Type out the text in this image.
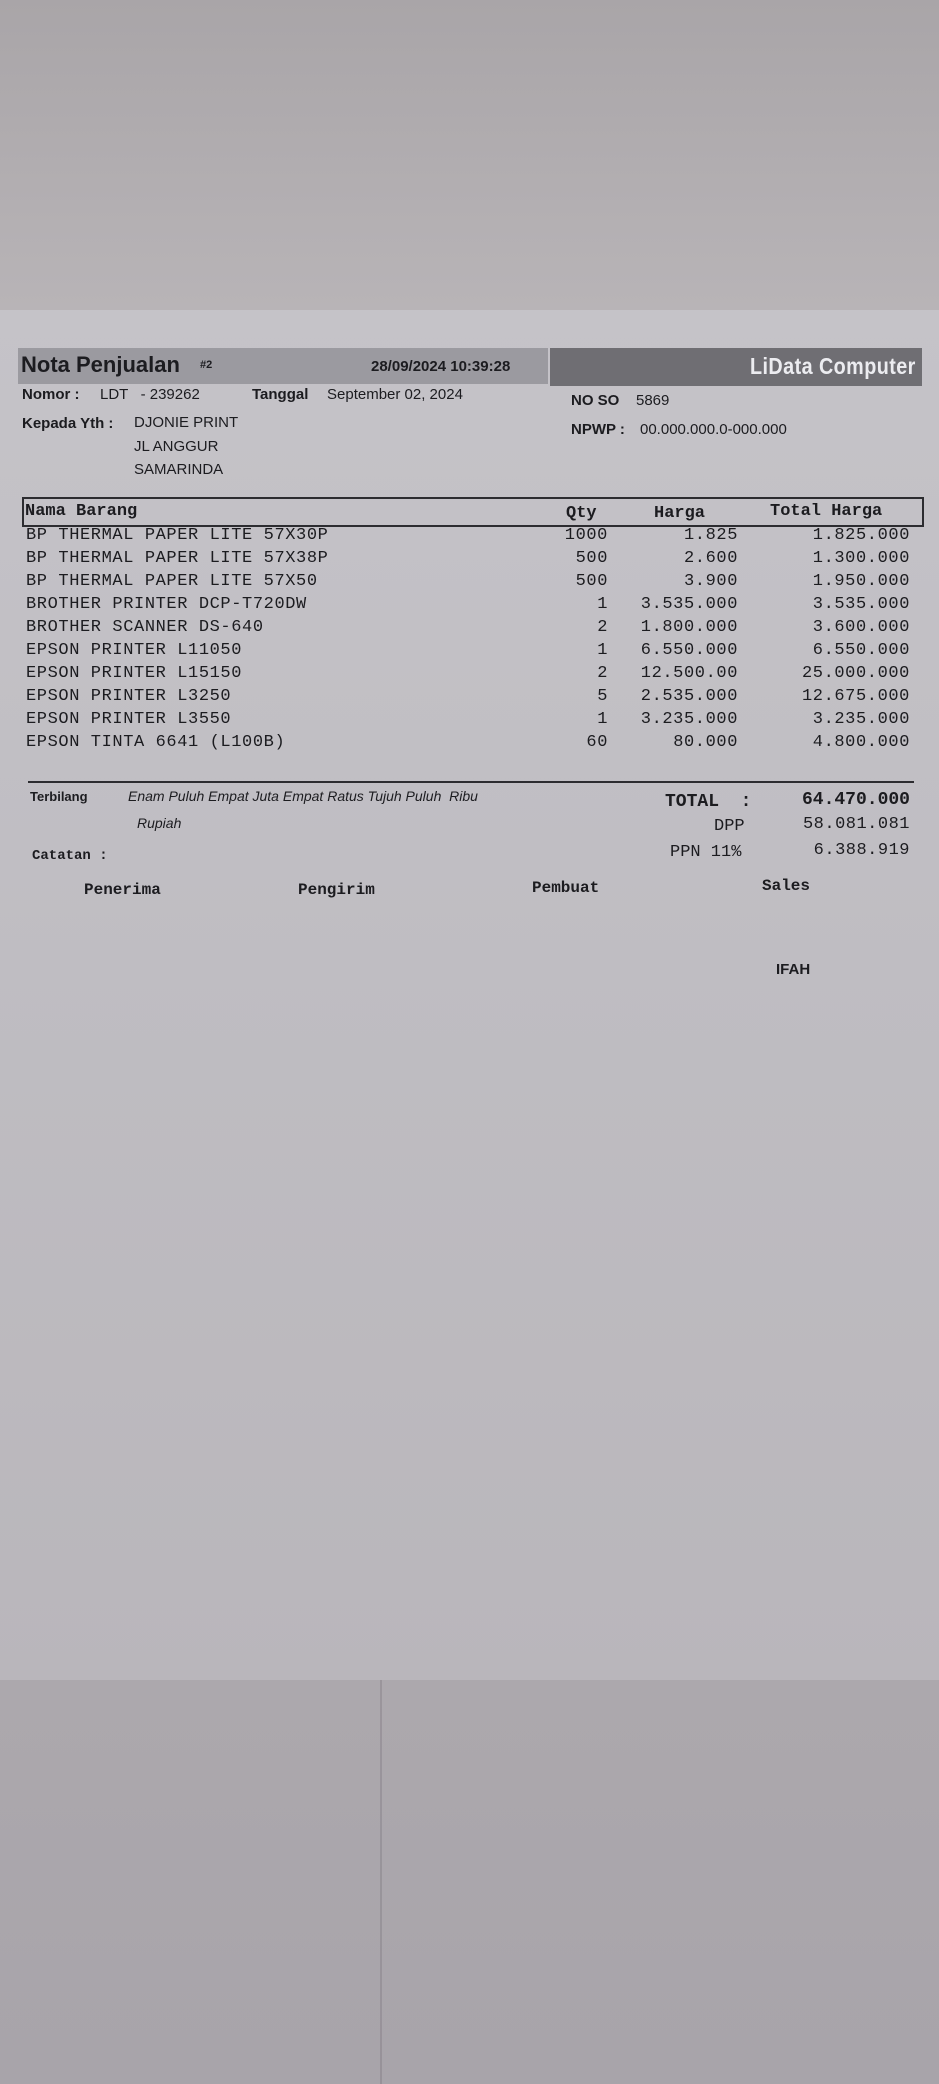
Nota Penjualan #2	28/09/2024 10:39:28	LiData Computer
Nomor : LDT   - 239262	Tanggal September 02, 2024	NO SO 5869
Kepada Yth : DJONIE PRINT
JL ANGGUR
SAMARINDA
NPWP : 00.000.000.0-000.000
Nama Barang	Qty	Harga	Total Harga
BP THERMAL PAPER LITE 57X30P	1000	1.825	1.825.000
BP THERMAL PAPER LITE 57X38P	500	2.600	1.300.000
BP THERMAL PAPER LITE 57X50	500	3.900	1.950.000
BROTHER PRINTER DCP-T720DW	1	3.535.000	3.535.000
BROTHER SCANNER DS-640	2	1.800.000	3.600.000
EPSON PRINTER L11050	1	6.550.000	6.550.000
EPSON PRINTER L15150	2	12.500.00	25.000.000
EPSON PRINTER L3250	5	2.535.000	12.675.000
EPSON PRINTER L3550	1	3.235.000	3.235.000
EPSON TINTA 6641 (L100B)	60	80.000	4.800.000
Terbilang	Enam Puluh Empat Juta Empat Ratus Tujuh Puluh  Ribu
Rupiah
TOTAL  :	64.470.000
DPP	58.081.081
PPN 11%	6.388.919
Catatan :
Penerima	Pengirim	Pembuat	Sales
IFAH
